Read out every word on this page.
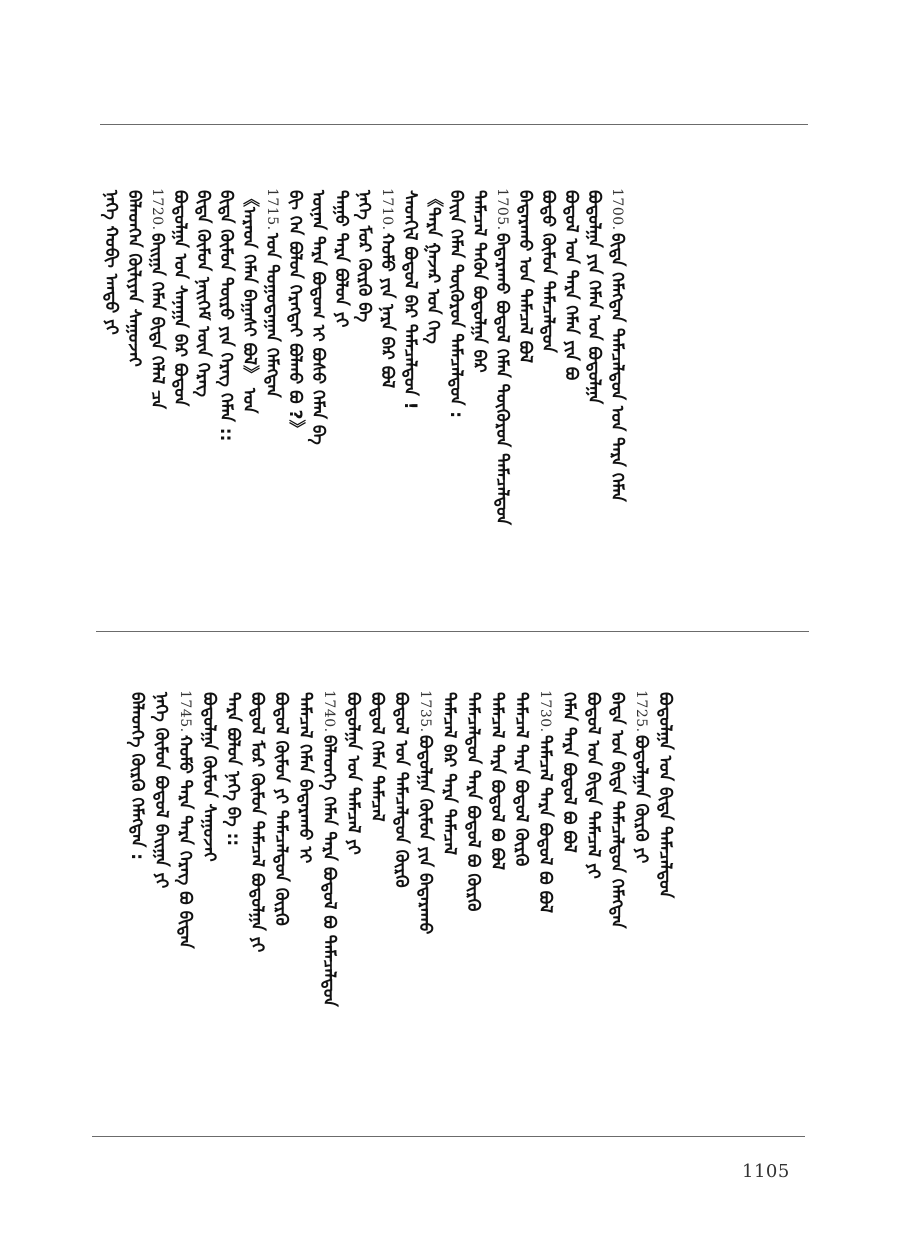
ᠨᠡᠭᠡ ᠬᠤᠪᠢ ᠠᠨᠳᠤ ᠶᠢ ᠪᠡᠯᠡᠳᠬᠡᠨ ᠬᠦᠯᠢᠶᠡᠨ ᠰᠠᠭᠤᠵᠠᠢ 1720.
ᠪᠠᠢᠭᠠ ᠬᠡᠮᠡᠨ ᠪᠢᠳᠡ ᠬᠡᠯᠡᠯ ᠴᠡ ᠪᠣᠳᠣᠯᠭᠠ ᠣᠨ ᠰᠠᠨᠠᠭᠠ ᠪᠠᠷ ᠪᠣᠳᠣᠨ ᠪᠢᠳᠡ ᠬᠦᠮᠦᠨ ᠨᠡᠢᠭᠡᠮ ᠦᠨ ᠬᠡᠷᠡᠭ ᠪᠢᠳᠡ ᠬᠦᠮᠦᠨ ᠲᠥᠷᠥ ᠶᠢᠨ ᠬᠡᠷᠡᠭ ᠬᠡᠮᠡᠨ :: 《ᠠᠷᠠᠳ ᠬᠡᠮᠡᠨ ᠪᠠᠭᠠᠰᠢ ᠪᠣᠯ》 ᠤᠨ 1715.
ᠣᠨ ᠲᠣᠭᠣᠳᠠᠭᠠᠨ ᠬᠡᠮᠡᠭᠳᠡᠨ ᠪᠢ ᠬᠡᠨ ᠪᠣᠯᠣᠨ ᠬᠡᠷᠡᠭᠲᠡᠢ ᠪᠣᠯᠬᠤ ᠪᠤ ?》 ᠦᠨᠡᠨ ᠲᠡᠷᠡ ᠪᠣᠳᠣᠭ ᠢ ᠪᠤᠰᠤ ᠬᠡᠮᠡᠨ ᠪᠠ ᠳᠠᠭᠤ ᠲᠡᠷᠡ ᠪᠣᠯᠣᠨ ᠶᠢ ᠨᠡᠭᠡ ᠮᠤᠷ ᠬᠦᠷᠬᠦ ᠪᠠ 1710.
ᠬᠤᠮᠤ ᠶᠢᠨ ᠨᠡᠷᠡ ᠪᠠᠷ ᠪᠣᠯ ᠰᠡᠳᠬᠢᠯ ᠪᠣᠳᠣᠯ ᠪᠠᠷ ᠲᠡᠮᠡᠴᠡᠯᠳᠦᠨ ! 《ᠲᠡᠷᠡ ᠭᠠᠵᠠᠷ ᠤᠨ ᠬᠡᠭ ᠪᠠᠢᠨ ᠬᠡᠮᠡᠨ ᠳᠦᠭᠦᠷᠦᠨ ᠲᠡᠮᠡᠴᠡᠯᠳᠦᠨ : ᠲᠡᠮᠡᠴᠡᠯ ᠲᠡᠭᠦᠨ ᠪᠣᠳᠣᠯᠭᠠ ᠪᠠᠷ 1705.
ᠪᠠᠳᠠᠷᠠᠬᠤ ᠪᠣᠳᠣᠯ ᠬᠡᠮᠡᠨ ᠳᠦᠭᠦᠷᠦᠨ ᠲᠡᠮᠡᠴᠡᠯᠳᠦᠨ ᠪᠠᠳᠠᠷᠠᠬᠤ ᠤᠨ ᠲᠡᠮᠡᠴᠡᠯ ᠪᠣᠯ ᠪᠣᠳᠣ ᠬᠦᠮᠦᠨ ᠲᠡᠮᠡᠴᠡᠯᠳᠦᠨ ᠪᠣᠳᠣᠯ ᠤᠨ ᠲᠡᠷᠡ ᠬᠡᠮᠡᠨ ᠶᠢᠨ ᠪᠤ ᠪᠣᠳᠣᠯᠭᠠ ᠶᠢᠨ ᠬᠡᠮᠡᠨ ᠤᠨ ᠪᠣᠳᠣᠯᠭᠠ 1700.
ᠪᠢᠳᠡ ᠬᠡᠮᠡᠭᠳᠡᠨ ᠲᠡᠮᠡᠴᠡᠯᠳᠦᠨ ᠤᠨ ᠲᠡᠷᠡ ᠬᠡᠮᠡᠨ
ᠪᠡᠯᠡᠳᠬᠡ ᠬᠦᠷᠬᠦ ᠬᠡᠮᠡᠭᠳᠡᠨ : ᠨᠡᠭᠡ ᠬᠦᠮᠦᠨ ᠪᠣᠳᠣᠯ ᠪᠠᠢᠭᠠ ᠶᠢ 1745.
ᠬᠤᠮᠤ ᠲᠡᠷᠡ ᠲᠡᠷᠡ ᠬᠡᠷᠡᠭ ᠪᠤ ᠪᠢᠳᠡᠨ ᠪᠣᠳᠣᠯᠭᠠ ᠬᠦᠮᠦᠨ ᠰᠠᠭᠤᠵᠠᠢ ᠲᠡᠷᠡ ᠪᠣᠯᠣᠨ ᠨᠡᠭᠡ ᠪᠠ :: ᠪᠣᠳᠣᠯ ᠮᠤᠷ ᠬᠦᠮᠦᠨ ᠲᠡᠮᠡᠴᠡᠯ ᠪᠣᠳᠣᠯᠭᠠ ᠶᠢ ᠪᠣᠳᠣᠯ ᠬᠦᠮᠦᠨ ᠶᠢ ᠲᠡᠮᠡᠴᠡᠯᠳᠦᠨ ᠬᠦᠷᠬᠦ ᠲᠡᠮᠡᠴᠡᠯ ᠬᠡᠮᠡᠨ ᠪᠠᠳᠠᠷᠠᠬᠤ ᠢ 1740.
ᠪᠡᠯᠡᠳᠬᠡ ᠬᠡᠮᠡᠨ ᠲᠡᠷᠡ ᠪᠣᠳᠣᠯ ᠪᠤ ᠲᠡᠮᠡᠴᠡᠯᠳᠦᠨ ᠪᠣᠳᠣᠯᠭᠠ ᠤᠨ ᠲᠡᠮᠡᠴᠡᠯ ᠶᠢ ᠪᠣᠳᠣᠯ ᠬᠡᠮᠡᠨ ᠲᠡᠮᠡᠴᠡᠯ ᠪᠣᠳᠣᠯ ᠤᠨ ᠲᠡᠮᠡᠴᠡᠯᠳᠦᠨ ᠬᠦᠷᠬᠦ 1735.
ᠪᠣᠳᠣᠯᠭᠠ ᠬᠦᠮᠦᠨ ᠶᠢᠨ ᠪᠠᠳᠠᠷᠠᠬᠤ ᠲᠡᠮᠡᠴᠡᠯ ᠪᠠᠷ ᠲᠡᠷᠡ ᠲᠡᠮᠡᠴᠡᠯ ᠲᠡᠮᠡᠴᠡᠯᠳᠦᠨ ᠲᠡᠷᠡ ᠪᠣᠳᠣᠯ ᠪᠤ ᠬᠦᠷᠬᠦ ᠲᠡᠮᠡᠴᠡᠯ ᠲᠡᠷᠡ ᠪᠣᠳᠣᠯ ᠪᠤ ᠪᠣᠯ ᠲᠡᠮᠡᠴᠡᠯ ᠲᠡᠷᠡ ᠪᠣᠳᠣᠯ ᠬᠦᠷᠬᠦ 1730.
ᠲᠡᠮᠡᠴᠡᠯ ᠲᠡᠷᠡ ᠪᠣᠳᠣᠯ ᠪᠤ ᠪᠣᠯ ᠬᠡᠮᠡᠨ ᠲᠡᠷᠡ ᠪᠣᠳᠣᠯ ᠪᠤ ᠪᠣᠯ ᠪᠣᠳᠣᠯ ᠤᠨ ᠪᠢᠳᠡ ᠲᠡᠮᠡᠴᠡᠯ ᠶᠢ ᠪᠠᠳᠠ ᠤᠨ ᠪᠢᠳᠡ ᠲᠡᠮᠡᠴᠡᠯᠳᠦᠨ ᠬᠡᠮᠡᠭᠳᠡᠨ 1725.
ᠪᠣᠳᠣᠯᠭᠠᠨ ᠬᠦᠷᠬᠦ ᠶᠢ ᠪᠣᠳᠣᠯᠭᠠ ᠤᠨ ᠪᠢᠳᠡ ᠲᠡᠮᠡᠴᠡᠯᠳᠦᠨ
1105
